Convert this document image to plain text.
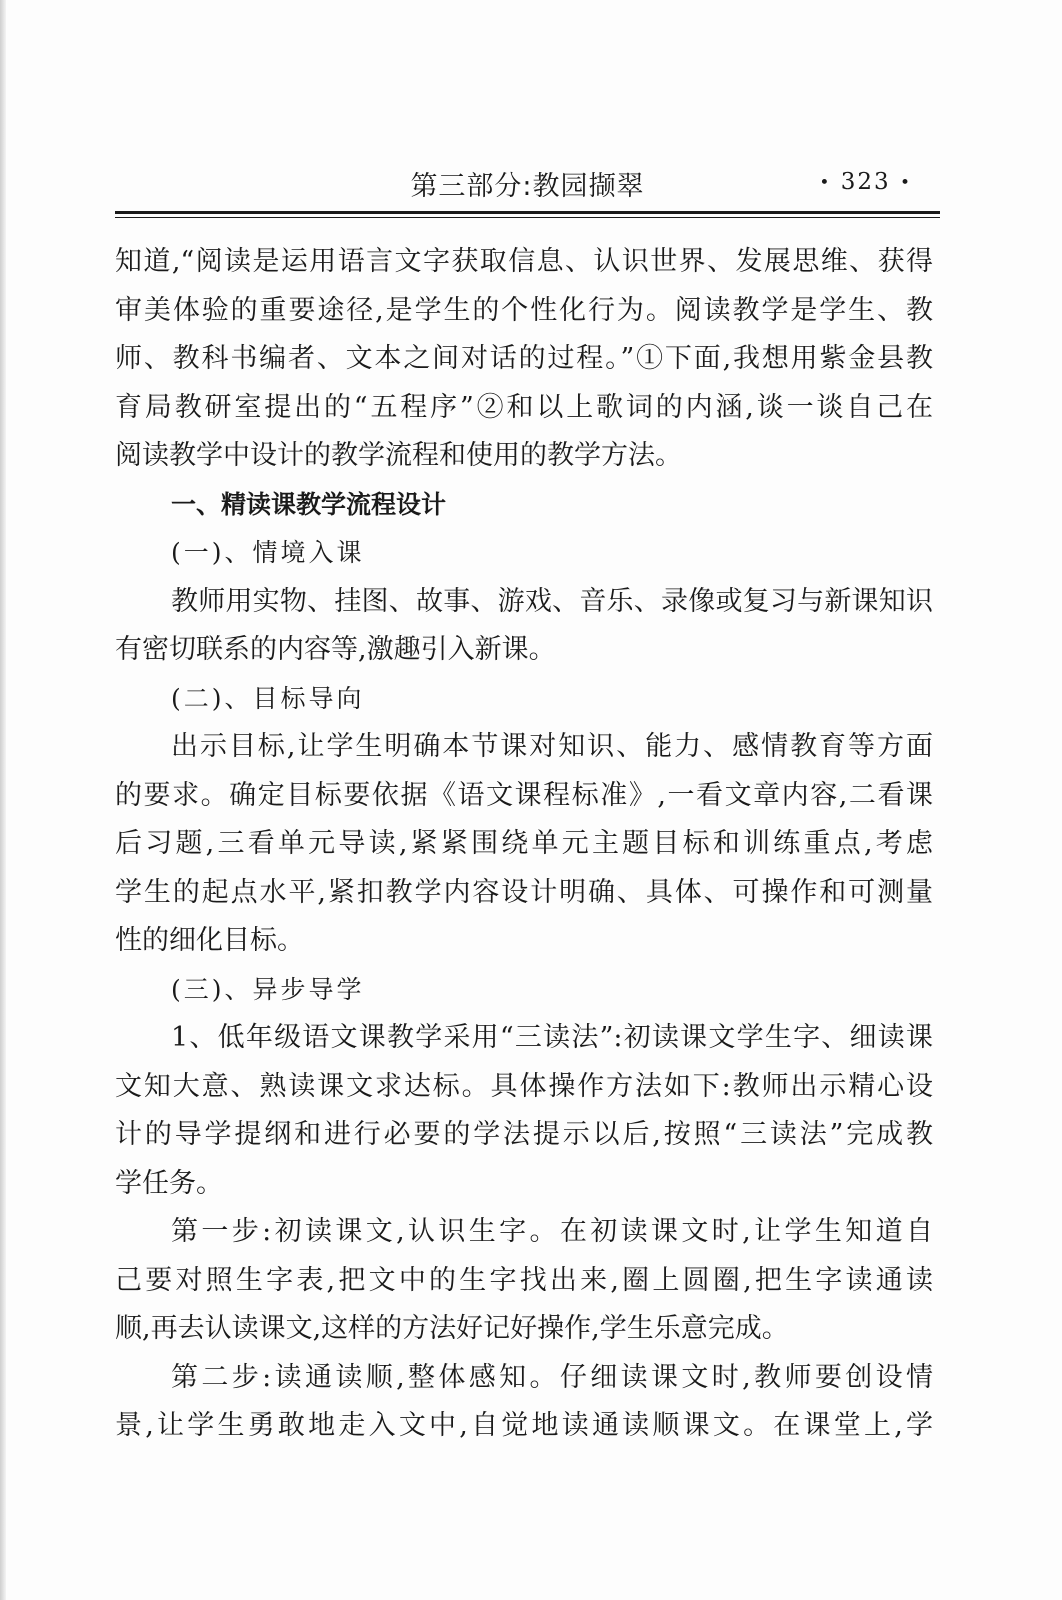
第三部分:教园撷翠	• 323 •
知道,“阅读是运用语言文字获取信息、认识世界、发展思维、获得
审美体验的重要途径,是学生的个性化行为。阅读教学是学生、教
师、教科书编者、文本之间对话的过程。”①下面,我想用紫金县教
育局教研室提出的“五程序”②和以上歌词的内涵,谈一谈自己在
阅读教学中设计的教学流程和使用的教学方法。
一、精读课教学流程设计
(一)、情境入课
教师用实物、挂图、故事、游戏、音乐、录像或复习与新课知识
有密切联系的内容等,激趣引入新课。
(二)、目标导向
出示目标,让学生明确本节课对知识、能力、感情教育等方面
的要求。确定目标要依据《语文课程标准》,一看文章内容,二看课
后习题,三看单元导读,紧紧围绕单元主题目标和训练重点,考虑
学生的起点水平,紧扣教学内容设计明确、具体、可操作和可测量
性的细化目标。
(三)、异步导学
1、低年级语文课教学采用“三读法”:初读课文学生字、细读课
文知大意、熟读课文求达标。具体操作方法如下:教师出示精心设
计的导学提纲和进行必要的学法提示以后,按照“三读法”完成教
学任务。
第一步:初读课文,认识生字。在初读课文时,让学生知道自
己要对照生字表,把文中的生字找出来,圈上圆圈,把生字读通读
顺,再去认读课文,这样的方法好记好操作,学生乐意完成。
第二步:读通读顺,整体感知。仔细读课文时,教师要创设情
景,让学生勇敢地走入文中,自觉地读通读顺课文。在课堂上,学
